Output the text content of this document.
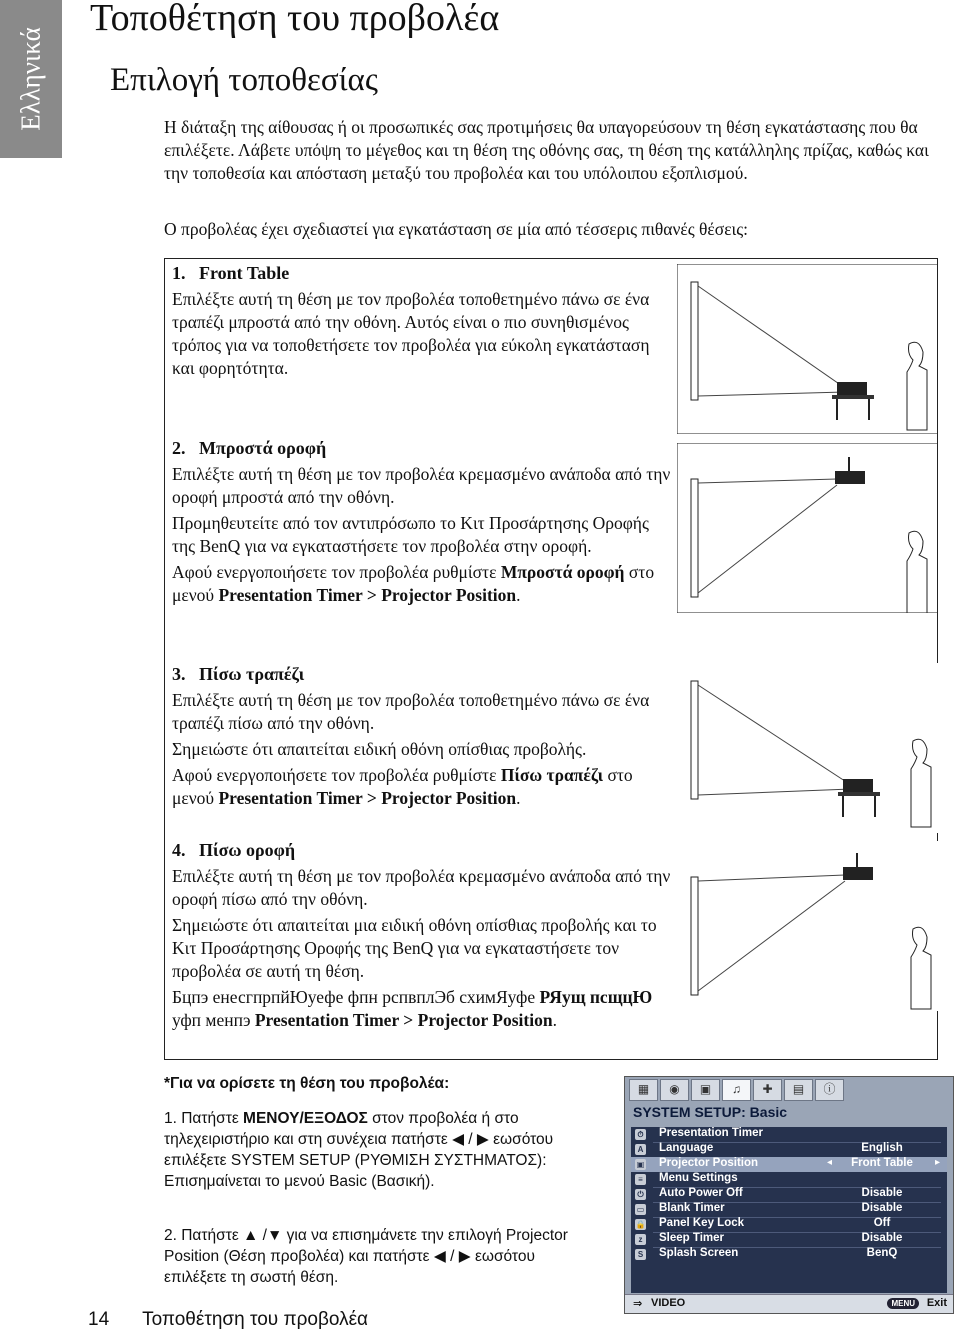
Ελληνικά
Τοποθέτηση του προβολέα
Επιλογή τοποθεσίας

Η διάταξη της αίθουσας ή οι προσωπικές σας προτιμήσεις θα υπαγορεύσουν τη θέση εγκατάστασης που θα επιλέξετε. Λάβετε υπόψη το μέγεθος και τη θέση της οθόνης σας, τη θέση της κατάλληλης πρίζας, καθώς και την τοποθεσία και απόσταση μεταξύ του προβολέα και του υπόλοιπου εξοπλισμού.

Ο προβολέας έχει σχεδιαστεί για εγκατάσταση σε μία από τέσσερις πιθανές θέσεις:

1. Front Table

Επιλέξτε αυτή τη θέση με τον προβολέα τοποθετημένο πάνω σε ένα τραπέζι μπροστά από την οθόνη. Αυτός είναι ο πιο συνηθισμένος τρόπος για να τοποθετήσετε τον προβολέα για εύκολη εγκατάσταση και φορητότητα.

2. Μπροστά οροφή

Επιλέξτε αυτή τη θέση με τον προβολέα κρεμασμένο ανάποδα από την οροφή μπροστά από την οθόνη.

Προμηθευτείτε από τον αντιπρόσωπο το Κιτ Προσάρτησης Οροφής της BenQ για να εγκαταστήσετε τον προβολέα στην οροφή.

Αφού ενεργοποιήσετε τον προβολέα ρυθμίστε Μπροστά οροφή στο μενού Presentation Timer > Projector Position.

3. Πίσω τραπέζι

Επιλέξτε αυτή τη θέση με τον προβολέα τοποθετημένο πάνω σε ένα τραπέζι πίσω από την οθόνη.

Σημειώστε ότι απαιτείται ειδική οθόνη οπίσθιας προβολής.

Αφού ενεργοποιήσετε τον προβολέα ρυθμίστε Πίσω τραπέζι στο μενού Presentation Timer > Projector Position.

4. Πίσω οροφή

Επιλέξτε αυτή τη θέση με τον προβολέα κρεμασμένο ανάποδα από την οροφή πίσω από την οθόνη.

Σημειώστε ότι απαιτείται μια ειδική οθόνη οπίσθιας προβολής και το Κιτ Προσάρτησης Οροφής της BenQ για να εγκαταστήσετε τον προβολέα σε αυτή τη θέση.

Бцпэ енесгпрпйЮуефе фпн рспвплЭб схимЯуфе РЯущ псщцЮ уфп менпэ Presentation Timer > Projector Position.

*Για να ορίσετε τη θέση του προβολέα:
1. Πατήστε ΜΕΝΟΥ/ΕΞΟΔΟΣ στον προβολέα ή στο τηλεχειριστήριο και στη συνέχεια πατήστε ◀ / ▶ εωσότου επιλέξετε SYSTEM SETUP (ΡΥΘΜΙΣΗ ΣΥΣΤΗΜΑΤΟΣ): Επισημαίνεται το μενού Basic (Βασική).
2. Πατήστε ▲ /▼ για να επισημάνετε την επιλογή Projector Position (Θέση προβολέα) και πατήστε ◀ / ▶ εωσότου επιλέξετε τη σωστή θέση.
▦	◉	▣	♫	✚	▤	ⓘ
SYSTEM SETUP: Basic
⏱ Presentation Timer
A Language	English
▣ Projector Position	◂	Front Table	▸
≡ Menu Settings
⏻ Auto Power Off	Disable
▭ Blank Timer	Disable
🔒 Panel Key Lock	Off
z	Sleep Timer	Disable
S Splash Screen	BenQ
⇒ VIDEO	MENU	Exit
14 Τοποθέτηση του προβολέα
